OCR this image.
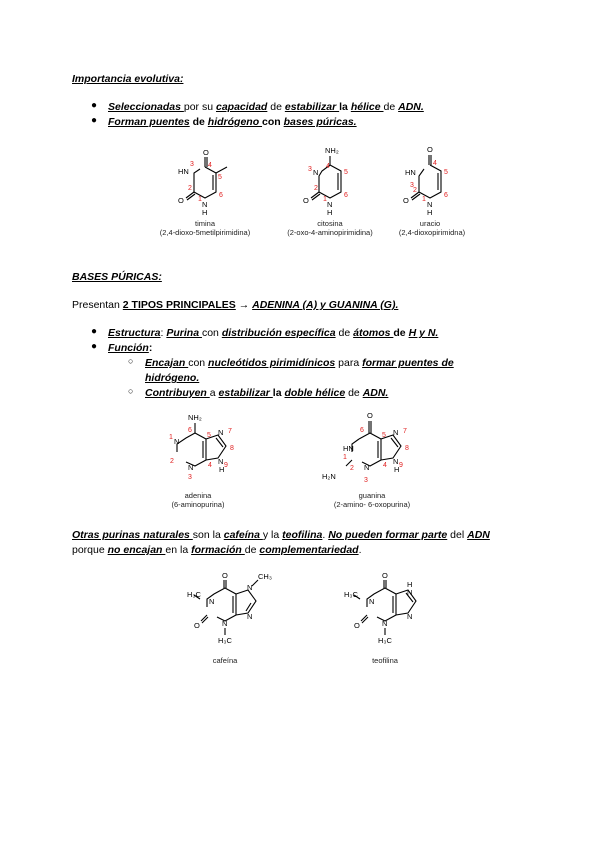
Importancia evolutiva:
● Seleccionadas por su capacidad de estabilizar la hélice de ADN.
● Forman puentes de hidrógeno con bases púricas.
O
HN
O N
H
3 4
5
6
2
1
timina
(2,4-dioxo-5metilpirimidina)
NH₂
N
O N
H
3 4
5
6
2
1
citosina
(2-oxo-4-aminopirimidina)
O
HN
O N
H
3
4
5
6
2
1
uracio
(2,4-dioxopirimidna)
BASES PÚRICAS:
Presentan 2 TIPOS PRINCIPALES → ADENINA (A) y GUANINA (G).
● Estructura: Purina con distribución específica de átomos de H y N.
● Función:
○ Encajan con nucleótidos pirimidínicos para formar puentes de
hidrógeno.
○ Contribuyen a estabilizar la doble hélice de ADN.
NH₂
N
N
N
N
H
6
1
2
3
4
5
7
8
9
adenina
(6-aminopurina)
O
HN
H₂N
N
N
N
H
6
1
2
3
4
5
7
8
9
guanina
(2-amino- 6-oxopurina)
Otras purinas naturales son la cafeína y la teofilina. No pueden formar parte del ADN
porque no encajan en la formación de complementariedad.
O
N
H₃C
O	N
H₃C
N
CH₃
N
cafeína
O
N
H₃C
O	N
H₃C
H
N
N
teofilina
